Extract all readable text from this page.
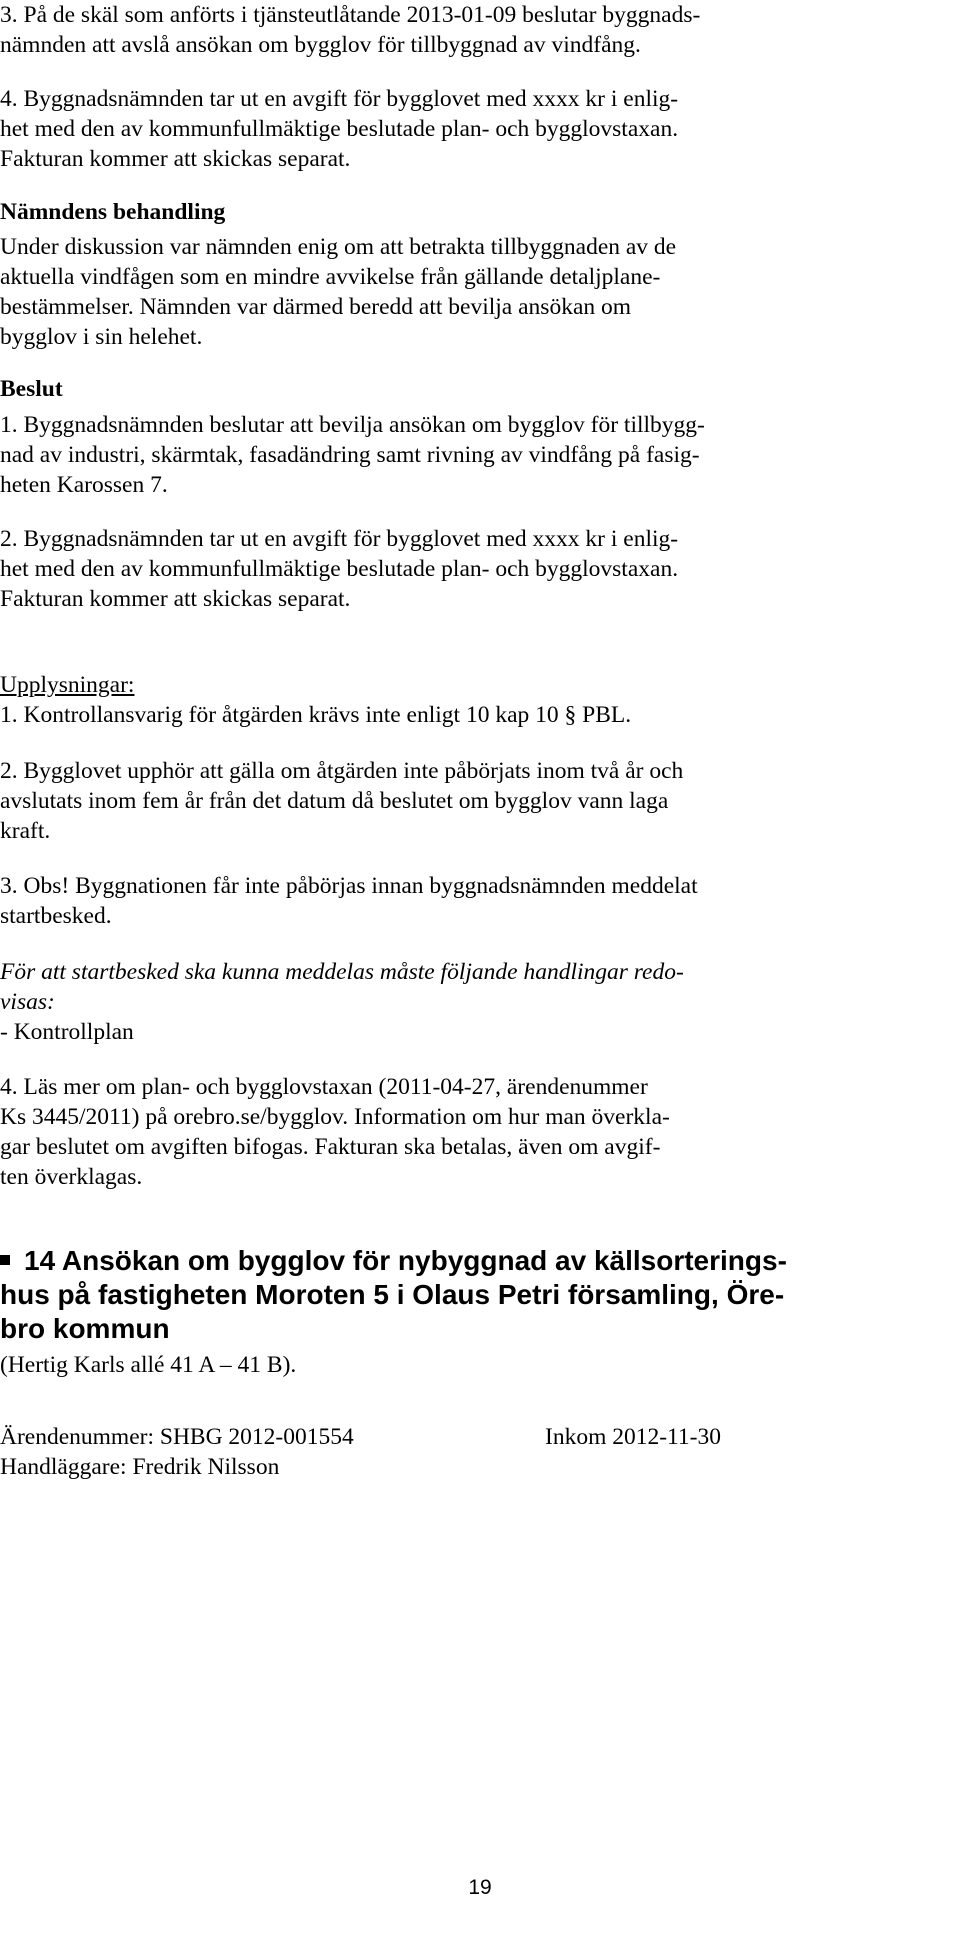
3. På de skäl som anförts i tjänsteutlåtande 2013-01-09 beslutar byggnads-
nämnden att avslå ansökan om bygglov för tillbyggnad av vindfång.
4. Byggnadsnämnden tar ut en avgift för bygglovet med xxxx kr i enlig-
het med den av kommunfullmäktige beslutade plan- och bygglovstaxan.
Fakturan kommer att skickas separat.
Nämndens behandling
Under diskussion var nämnden enig om att betrakta tillbyggnaden av de
aktuella vindfågen som en mindre avvikelse från gällande detaljplane-
bestämmelser. Nämnden var därmed beredd att bevilja ansökan om
bygglov i sin helehet.
Beslut
1. Byggnadsnämnden beslutar att bevilja ansökan om bygglov för tillbygg-
nad av industri, skärmtak, fasadändring samt rivning av vindfång på fasig-
heten Karossen 7.
2. Byggnadsnämnden tar ut en avgift för bygglovet med xxxx kr i enlig-
het med den av kommunfullmäktige beslutade plan- och bygglovstaxan.
Fakturan kommer att skickas separat.
Upplysningar:
1. Kontrollansvarig för åtgärden krävs inte enligt 10 kap 10 § PBL.
2. Bygglovet upphör att gälla om åtgärden inte påbörjats inom två år och
avslutats inom fem år från det datum då beslutet om bygglov vann laga
kraft.
3. Obs! Byggnationen får inte påbörjas innan byggnadsnämnden meddelat
startbesked.
För att startbesked ska kunna meddelas måste följande handlingar redo-
visas:
- Kontrollplan
4. Läs mer om plan- och bygglovstaxan (2011-04-27, ärendenummer
Ks 3445/2011) på orebro.se/bygglov. Information om hur man överkla-
gar beslutet om avgiften bifogas. Fakturan ska betalas, även om avgif-
ten överklagas.
14 Ansökan om bygglov för nybyggnad av källsorterings-
hus på fastigheten Moroten 5 i Olaus Petri församling, Öre-
bro kommun
(Hertig Karls allé 41 A – 41 B).
Ärendenummer: SHBG 2012-001554	Inkom 2012-11-30
Handläggare: Fredrik Nilsson
19
